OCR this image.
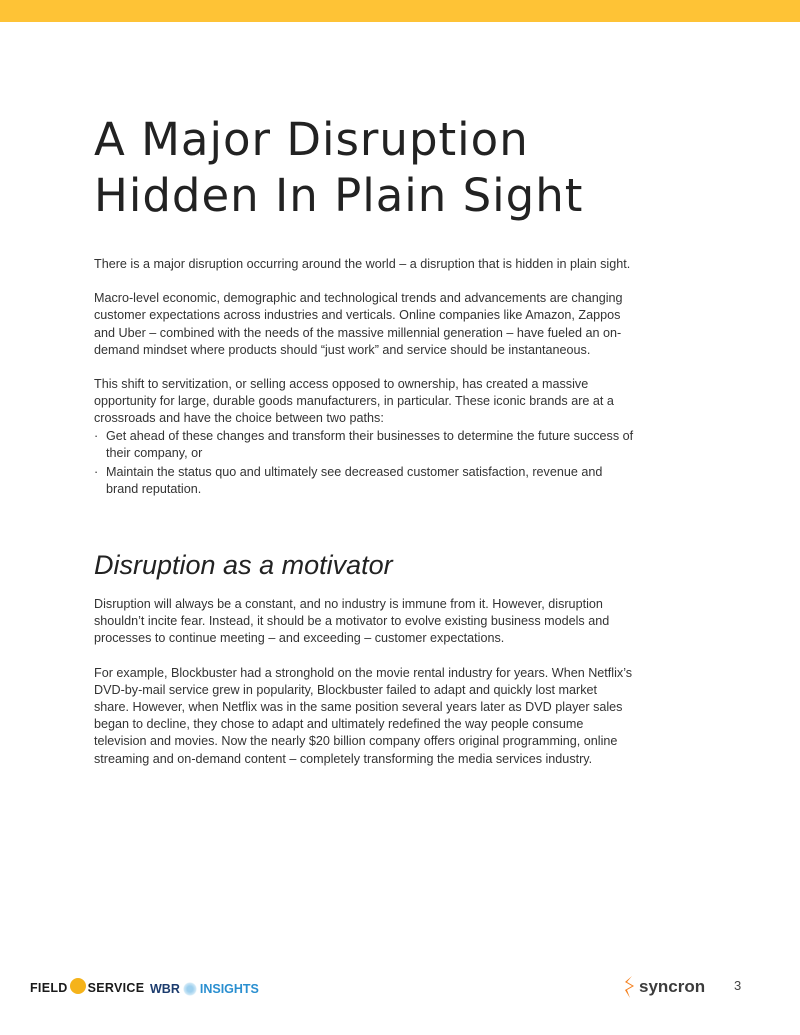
A Major Disruption
Hidden In Plain Sight

There is a major disruption occurring around the world – a disruption that is hidden in plain sight.

Macro-level economic, demographic and technological trends and advancements are changing customer expectations across industries and verticals. Online companies like Amazon, Zappos and Uber – combined with the needs of the massive millennial generation – have fueled an on-demand mindset where products should “just work” and service should be instantaneous.

This shift to servitization, or selling access opposed to ownership, has created a massive opportunity for large, durable goods manufacturers, in particular. These iconic brands are at a crossroads and have the choice between two paths:

· Get ahead of these changes and transform their businesses to determine the future success of their company, or
· Maintain the status quo and ultimately see decreased customer satisfaction, revenue and brand reputation.
Disruption as a motivator

Disruption will always be a constant, and no industry is immune from it. However, disruption shouldn’t incite fear. Instead, it should be a motivator to evolve existing business models and processes to continue meeting – and exceeding – customer expectations.

For example, Blockbuster had a stronghold on the movie rental industry for years. When Netflix’s DVD-by-mail service grew in popularity, Blockbuster failed to adapt and quickly lost market share. However, when Netflix was in the same position several years later as DVD player sales began to decline, they chose to adapt and ultimately redefined the way people consume television and movies. Now the nearly $20 billion company offers original programming, online streaming and on-demand content – completely transforming the media services industry.

FIELD SERVICE WBR INSIGHTS	syncron 3
